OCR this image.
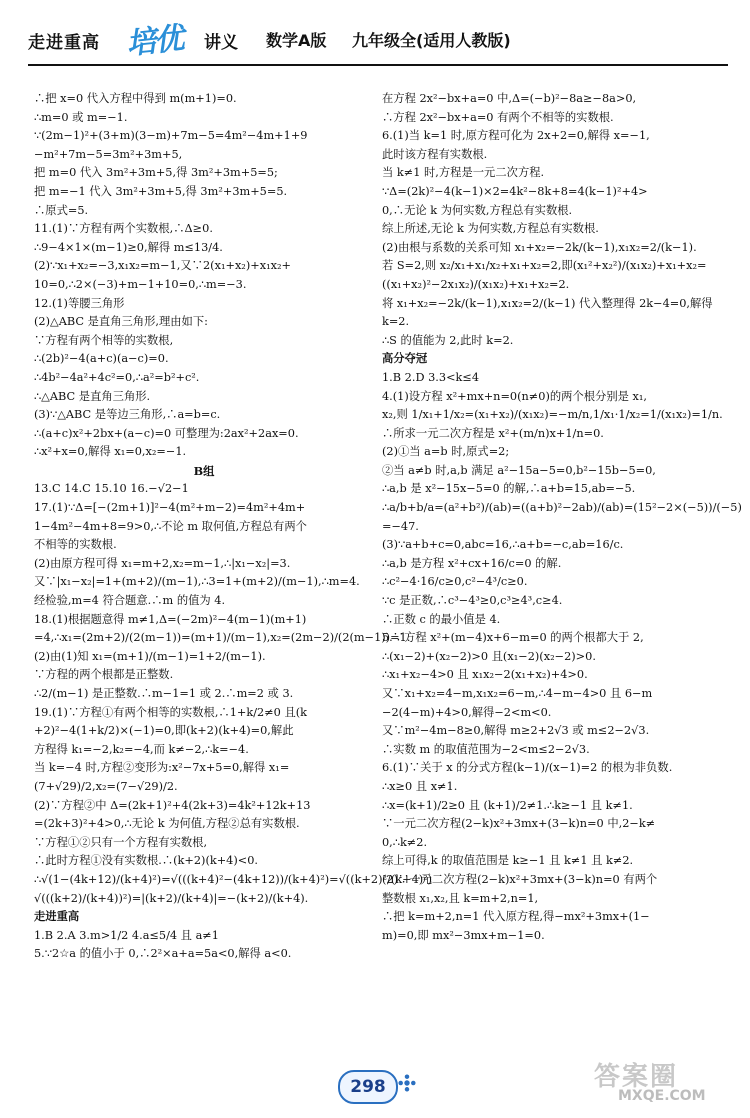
走进重高 培优 讲义 数学A版 九年级全(适用人教版)
∴把 x=0 代入方程中得到 m(m+1)=0.
∴m=0 或 m=−1.
∵(2m−1)²+(3+m)(3−m)+7m−5=4m²−4m+1+9
−m²+7m−5=3m²+3m+5,
把 m=0 代入 3m²+3m+5,得 3m²+3m+5=5;
把 m=−1 代入 3m²+3m+5,得 3m²+3m+5=5.
∴原式=5.
11.(1)∵方程有两个实数根,∴Δ≥0.
∴9−4×1×(m−1)≥0,解得 m≤13/4.
(2)∵x₁+x₂=−3,x₁x₂=m−1,又∵2(x₁+x₂)+x₁x₂+
10=0,∴2×(−3)+m−1+10=0,∴m=−3.
12.(1)等腰三角形
(2)△ABC 是直角三角形,理由如下:
∵方程有两个相等的实数根,
∴(2b)²−4(a+c)(a−c)=0.
∴4b²−4a²+4c²=0,∴a²=b²+c².
∴△ABC 是直角三角形.
(3)∵△ABC 是等边三角形,∴a=b=c.
∴(a+c)x²+2bx+(a−c)=0 可整理为:2ax²+2ax=0.
∴x²+x=0,解得 x₁=0,x₂=−1.
B组
13.C 14.C 15.10 16.−√2−1
17.(1)∵Δ=[−(2m+1)]²−4(m²+m−2)=4m²+4m+
1−4m²−4m+8=9>0,∴不论 m 取何值,方程总有两个
不相等的实数根.
(2)由原方程可得 x₁=m+2,x₂=m−1,∴|x₁−x₂|=3.
又∵|x₁−x₂|=1+(m+2)/(m−1),∴3=1+(m+2)/(m−1),∴m=4.
经检验,m=4 符合题意.∴m 的值为 4.
18.(1)根据题意得 m≠1,Δ=(−2m)²−4(m−1)(m+1)
=4,∴x₁=(2m+2)/(2(m−1))=(m+1)/(m−1),x₂=(2m−2)/(2(m−1))=1.
(2)由(1)知 x₁=(m+1)/(m−1)=1+2/(m−1).
∵方程的两个根都是正整数.
∴2/(m−1) 是正整数.∴m−1=1 或 2.∴m=2 或 3.
19.(1)∵方程①有两个相等的实数根,∴1+k/2≠0 且(k
+2)²−4(1+k/2)×(−1)=0,即(k+2)(k+4)=0,解此
方程得 k₁=−2,k₂=−4,而 k≠−2,∴k=−4.
当 k=−4 时,方程②变形为:x²−7x+5=0,解得 x₁=
(7+√29)/2,x₂=(7−√29)/2.
(2)∵方程②中 Δ=(2k+1)²+4(2k+3)=4k²+12k+13
=(2k+3)²+4>0,∴无论 k 为何值,方程②总有实数根.
∵方程①②只有一个方程有实数根,
∴此时方程①没有实数根.∴(k+2)(k+4)<0.
∴√(1−(4k+12)/(k+4)²)=√(((k+4)²−(4k+12))/(k+4)²)=√((k+2)²/(k+4)²)
√(((k+2)/(k+4))²)=|(k+2)/(k+4)|=−(k+2)/(k+4).
走进重高
1.B 2.A 3.m>1/2 4.a≤5/4 且 a≠1
5.∵2☆a 的值小于 0,∴2²×a+a=5a<0,解得 a<0.
在方程 2x²−bx+a=0 中,Δ=(−b)²−8a≥−8a>0,
∴方程 2x²−bx+a=0 有两个不相等的实数根.
6.(1)当 k=1 时,原方程可化为 2x+2=0,解得 x=−1,
此时该方程有实数根.
当 k≠1 时,方程是一元二次方程.
∵Δ=(2k)²−4(k−1)×2=4k²−8k+8=4(k−1)²+4>
0,∴无论 k 为何实数,方程总有实数根.
综上所述,无论 k 为何实数,方程总有实数根.
(2)由根与系数的关系可知 x₁+x₂=−2k/(k−1),x₁x₂=2/(k−1).
若 S=2,则 x₂/x₁+x₁/x₂+x₁+x₂=2,即(x₁²+x₂²)/(x₁x₂)+x₁+x₂=
((x₁+x₂)²−2x₁x₂)/(x₁x₂)+x₁+x₂=2.
将 x₁+x₂=−2k/(k−1),x₁x₂=2/(k−1) 代入整理得 2k−4=0,解得
k=2.
∴S 的值能为 2,此时 k=2.
高分夺冠
1.B 2.D 3.3<k≤4
4.(1)设方程 x²+mx+n=0(n≠0)的两个根分别是 x₁,
x₂,则 1/x₁+1/x₂=(x₁+x₂)/(x₁x₂)=−m/n,1/x₁·1/x₂=1/(x₁x₂)=1/n.
∴所求一元二次方程是 x²+(m/n)x+1/n=0.
(2)①当 a=b 时,原式=2;
②当 a≠b 时,a,b 满足 a²−15a−5=0,b²−15b−5=0,
∴a,b 是 x²−15x−5=0 的解,∴a+b=15,ab=−5.
∴a/b+b/a=(a²+b²)/(ab)=((a+b)²−2ab)/(ab)=(15²−2×(−5))/(−5)
=−47.
(3)∵a+b+c=0,abc=16,∴a+b=−c,ab=16/c.
∴a,b 是方程 x²+cx+16/c=0 的解.
∴c²−4·16/c≥0,c²−4³/c≥0.
∵c 是正数,∴c³−4³≥0,c³≥4³,c≥4.
∴正数 c 的最小值是 4.
5.∵方程 x²+(m−4)x+6−m=0 的两个根都大于 2,
∴(x₁−2)+(x₂−2)>0 且(x₁−2)(x₂−2)>0.
∴x₁+x₂−4>0 且 x₁x₂−2(x₁+x₂)+4>0.
又∵x₁+x₂=4−m,x₁x₂=6−m,∴4−m−4>0 且 6−m
−2(4−m)+4>0,解得−2<m<0.
又∵m²−4m−8≥0,解得 m≥2+2√3 或 m≤2−2√3.
∴实数 m 的取值范围为−2<m≤2−2√3.
6.(1)∵关于 x 的分式方程(k−1)/(x−1)=2 的根为非负数.
∴x≥0 且 x≠1.
∴x=(k+1)/2≥0 且 (k+1)/2≠1.∴k≥−1 且 k≠1.
∵一元二次方程(2−k)x²+3mx+(3−k)n=0 中,2−k≠
0,∴k≠2.
综上可得,k 的取值范围是 k≥−1 且 k≠1 且 k≠2.
(2)∵一元二次方程(2−k)x²+3mx+(3−k)n=0 有两个
整数根 x₁,x₂,且 k=m+2,n=1,
∴把 k=m+2,n=1 代入原方程,得−mx²+3mx+(1−
m)=0,即 mx²−3mx+m−1=0.
298	答案圈
MXQE.COM
